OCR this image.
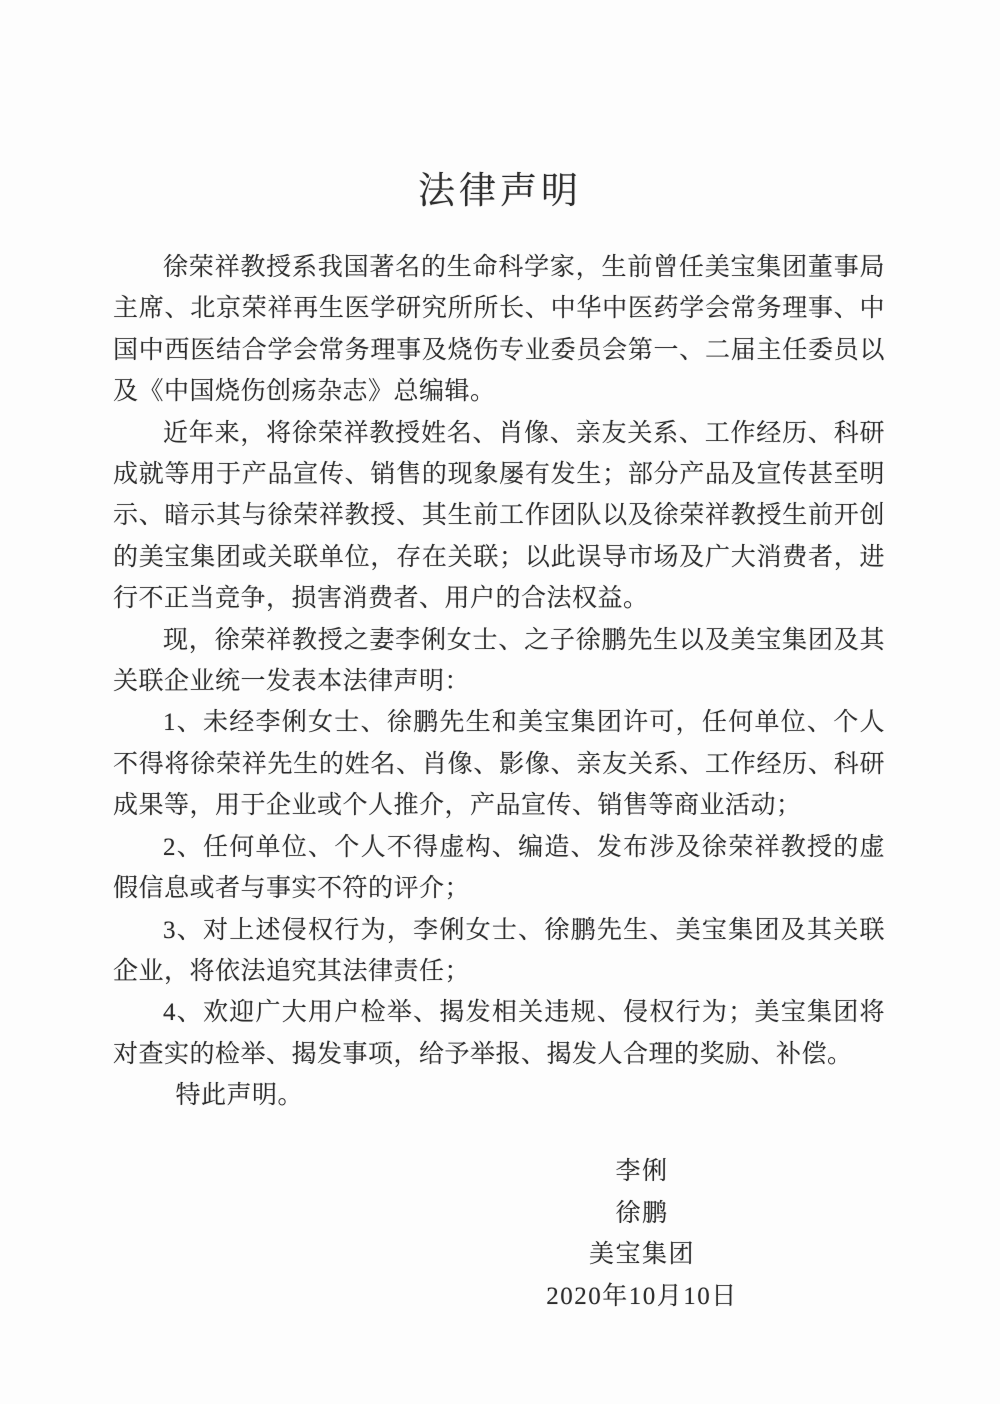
法律声明
徐荣祥教授系我国著名的生命科学家，生前曾任美宝集团董事局
主席、北京荣祥再生医学研究所所长、中华中医药学会常务理事、中
国中西医结合学会常务理事及烧伤专业委员会第一、二届主任委员以
及《中国烧伤创疡杂志》总编辑。
近年来，将徐荣祥教授姓名、肖像、亲友关系、工作经历、科研
成就等用于产品宣传、销售的现象屡有发生；部分产品及宣传甚至明
示、暗示其与徐荣祥教授、其生前工作团队以及徐荣祥教授生前开创
的美宝集团或关联单位，存在关联；以此误导市场及广大消费者，进
行不正当竞争，损害消费者、用户的合法权益。
现，徐荣祥教授之妻李俐女士、之子徐鹏先生以及美宝集团及其
关联企业统一发表本法律声明：
1、未经李俐女士、徐鹏先生和美宝集团许可，任何单位、个人
不得将徐荣祥先生的姓名、肖像、影像、亲友关系、工作经历、科研
成果等，用于企业或个人推介，产品宣传、销售等商业活动；
2、任何单位、个人不得虚构、编造、发布涉及徐荣祥教授的虚
假信息或者与事实不符的评介；
3、对上述侵权行为，李俐女士、徐鹏先生、美宝集团及其关联
企业，将依法追究其法律责任；
4、欢迎广大用户检举、揭发相关违规、侵权行为；美宝集团将
对查实的检举、揭发事项，给予举报、揭发人合理的奖励、补偿。
特此声明。
李俐
徐鹏
美宝集团
2020年10月10日
